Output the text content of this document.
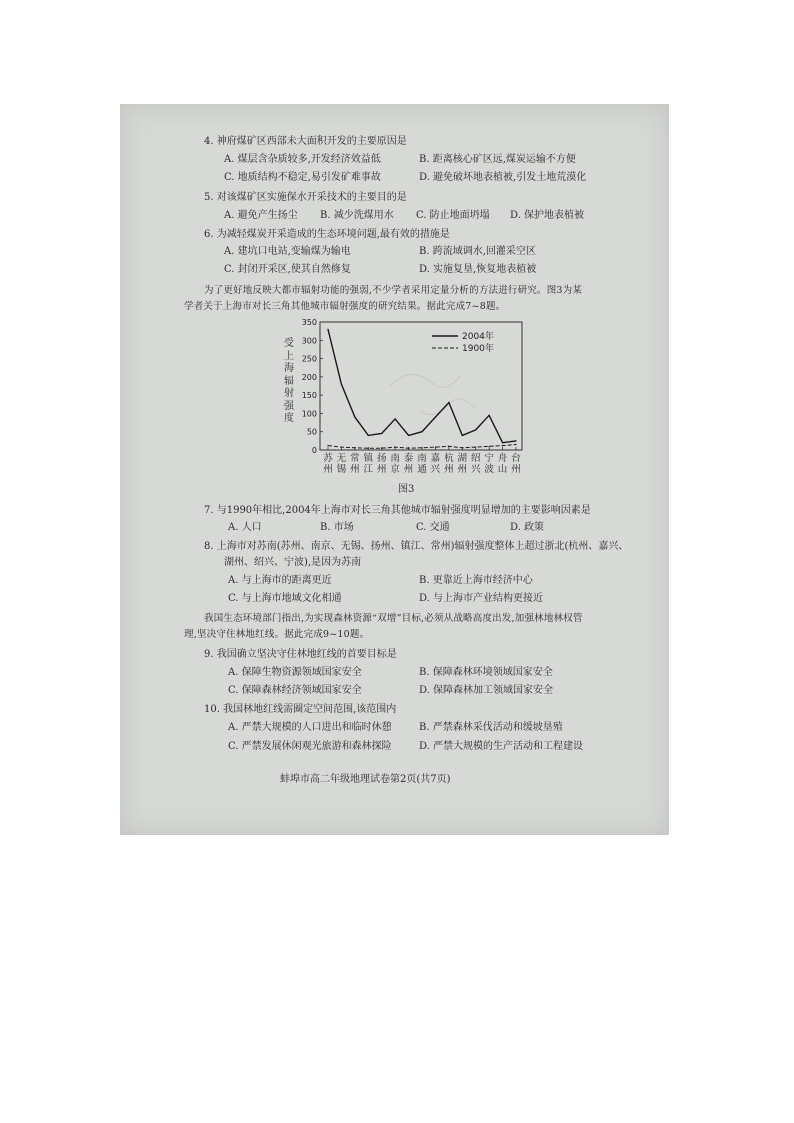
4. 神府煤矿区西部未大面积开发的主要原因是
A. 煤层含杂质较多,开发经济效益低	B. 距离核心矿区远,煤炭运输不方便
C. 地质结构不稳定,易引发矿难事故	D. 避免破坏地表植被,引发土地荒漠化
5. 对该煤矿区实施保水开采技术的主要目的是
A. 避免产生扬尘 B. 减少洗煤用水 C. 防止地面坍塌 D. 保护地表植被
6. 为减轻煤炭开采造成的生态环境问题,最有效的措施是
A. 建坑口电站,变输煤为输电	B. 跨流域调水,回灌采空区
C. 封闭开采区,使其自然修复	D. 实施复垦,恢复地表植被
为了更好地反映大都市辐射功能的强弱,不少学者采用定量分析的方法进行研究。图3为某
学者关于上海市对长三角其他城市辐射强度的研究结果。据此完成7~8题。
受
上
海
辐
射
强
度
0
50
100
150
200
250
300
350
2004年
1900年
苏
州
无
锡
常
州
镇
江
扬
州
南
京
泰
州
南
通
嘉
兴
杭
州
湖
州
绍
兴
宁
波
舟
山
台
州
图3
7. 与1990年相比,2004年上海市对长三角其他城市辐射强度明显增加的主要影响因素是
A. 人口	B. 市场	C. 交通	D. 政策
8. 上海市对苏南(苏州、南京、无锡、扬州、镇江、常州)辐射强度整体上超过浙北(杭州、嘉兴、
湖州、绍兴、宁波),是因为苏南
A. 与上海市的距离更近	B. 更靠近上海市经济中心
C. 与上海市地域文化相通	D. 与上海市产业结构更接近
我国生态环境部门指出,为实现森林资源“双增”目标,必须从战略高度出发,加强林地林权管
理,坚决守住林地红线。据此完成9~10题。
9. 我国确立坚决守住林地红线的首要目标是
A. 保障生物资源领域国家安全	B. 保障森林环境领域国家安全
C. 保障森林经济领域国家安全	D. 保障森林加工领域国家安全
10. 我国林地红线需圈定空间范围,该范围内
A. 严禁大规模的人口进出和临时休憩	B. 严禁森林采伐活动和缓坡垦殖
C. 严禁发展休闲观光旅游和森林探险	D. 严禁大规模的生产活动和工程建设
蚌埠市高二年级地理试卷第2页(共7页)
